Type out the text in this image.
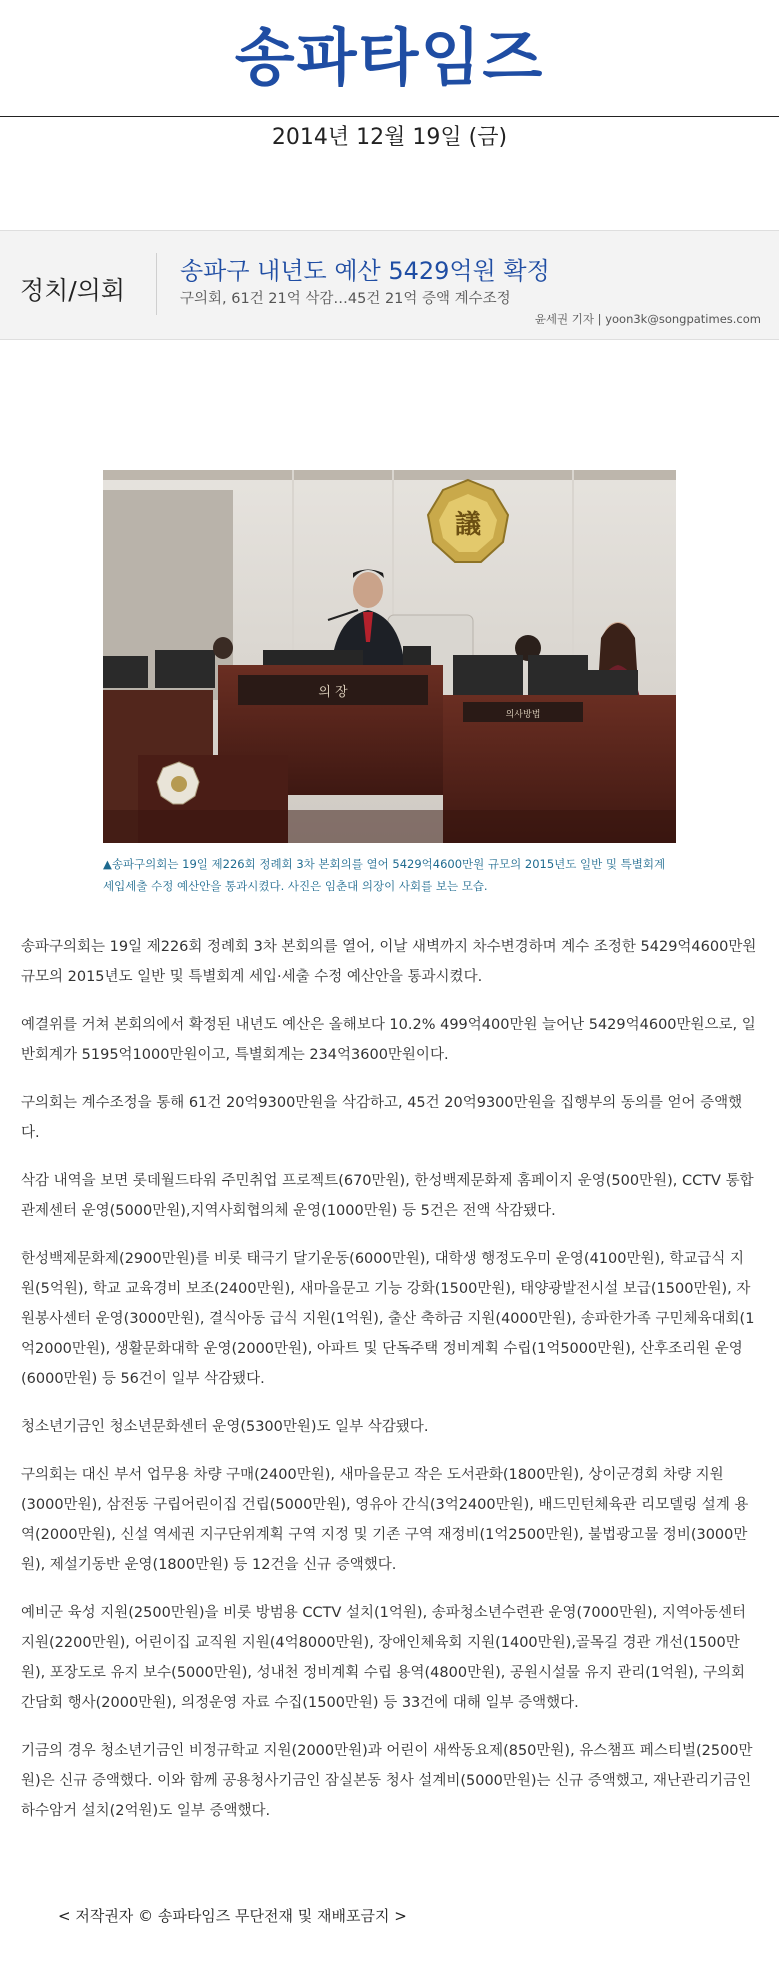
송파타임즈
2014년 12월 19일 (금)
정치/의회
송파구 내년도 예산 5429억원 확정
구의회, 61건 21억 삭감…45건 21억 증액 계수조정
윤세권 기자 | yoon3k@songpatimes.com
議
의 장
의사방법
▲송파구의회는 19일 제226회 정례회 3차 본회의를 열어 5429억4600만원 규모의 2015년도 일반 및 특별회계 세입세출 수정 예산안을 통과시켰다. 사진은 임춘대 의장이 사회를 보는 모습.

송파구의회는 19일 제226회 정례회 3차 본회의를 열어, 이날 새벽까지 차수변경하며 계수 조정한 5429억4600만원 규모의 2015년도 일반 및 특별회계 세입·세출 수정 예산안을 통과시켰다.

예결위를 거쳐 본회의에서 확정된 내년도 예산은 올해보다 10.2% 499억400만원 늘어난 5429억4600만원으로, 일반회계가 5195억1000만원이고, 특별회계는 234억3600만원이다.

구의회는 계수조정을 통해 61건 20억9300만원을 삭감하고, 45건 20억9300만원을 집행부의 동의를 얻어 증액했다.

삭감 내역을 보면 롯데월드타워 주민취업 프로젝트(670만원), 한성백제문화제 홈페이지 운영(500만원), CCTV 통합관제센터 운영(5000만원),지역사회협의체 운영(1000만원) 등 5건은 전액 삭감됐다.

한성백제문화제(2900만원)를 비롯 태극기 달기운동(6000만원), 대학생 행정도우미 운영(4100만원), 학교급식 지원(5억원), 학교 교육경비 보조(2400만원), 새마을문고 기능 강화(1500만원), 태양광발전시설 보급(1500만원), 자원봉사센터 운영(3000만원), 결식아동 급식 지원(1억원), 출산 축하금 지원(4000만원), 송파한가족 구민체육대회(1억2000만원), 생활문화대학 운영(2000만원), 아파트 및 단독주택 정비계획 수립(1억5000만원), 산후조리원 운영(6000만원) 등 56건이 일부 삭감됐다.

청소년기금인 청소년문화센터 운영(5300만원)도 일부 삭감됐다.

구의회는 대신 부서 업무용 차량 구매(2400만원), 새마을문고 작은 도서관화(1800만원), 상이군경회 차량 지원(3000만원), 삼전동 구립어린이집 건립(5000만원), 영유아 간식(3억2400만원), 배드민턴체육관 리모델링 설계 용역(2000만원), 신설 역세권 지구단위계획 구역 지정 및 기존 구역 재정비(1억2500만원), 불법광고물 정비(3000만원), 제설기동반 운영(1800만원) 등 12건을 신규 증액했다.

예비군 육성 지원(2500만원)을 비롯 방범용 CCTV 설치(1억원), 송파청소년수련관 운영(7000만원), 지역아동센터 지원(2200만원), 어린이집 교직원 지원(4억8000만원), 장애인체육회 지원(1400만원),골목길 경관 개선(1500만원), 포장도로 유지 보수(5000만원), 성내천 정비계획 수립 용역(4800만원), 공원시설물 유지 관리(1억원), 구의회 간담회 행사(2000만원), 의정운영 자료 수집(1500만원) 등 33건에 대해 일부 증액했다.

기금의 경우 청소년기금인 비정규학교 지원(2000만원)과 어린이 새싹동요제(850만원), 유스챔프 페스티벌(2500만원)은 신규 증액했다. 이와 함께 공용청사기금인 잠실본동 청사 설계비(5000만원)는 신규 증액했고, 재난관리기금인 하수암거 설치(2억원)도 일부 증액했다.

< 저작권자 © 송파타임즈 무단전재 및 재배포금지 >
